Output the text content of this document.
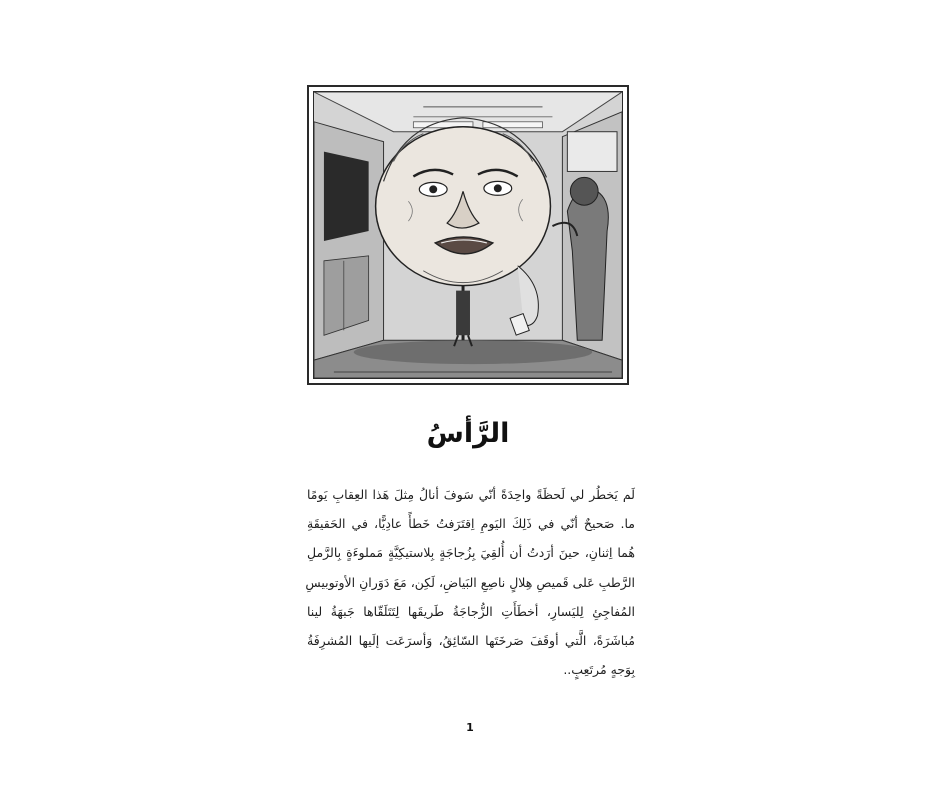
الرَّأسُ
لَم يَخطُر لي لَحظَةً واحِدَةً أنّي سَوفَ أنالُ مِثلَ هَذا العِقابِ يَومًا
ما. صَحيحٌ أنّي في ذَلِكَ اليَومِ اِقتَرَفتُ خَطأً عادِيًّا، في الحَقيقَةِ
هُما اِثنانِ، حينَ أرَدتُ أن أُلقِيَ بِزُجاجَةٍ بِلاستيكِيَّةٍ مَملوءَةٍ بِالرَّملِ
الرَّطبِ عَلى قَميصِ هِلالٍ ناصِعِ البَياضِ، لَكِن، مَعَ دَوَرانِ الأوتوبيسِ
المُفاجِئِ لِليَسارِ، أخطَأَتِ الزُّجاجَةُ طَريقَها لِتَتَلَقّاها جَبهَةُ لينا
مُباشَرَةً، الَّتي أوقَفَ صَرخَتَها السّائِقُ، وَأسرَعَت إلَيها المُشرِفَةُ
بِوَجهٍ مُرتَعِبٍ..
1
